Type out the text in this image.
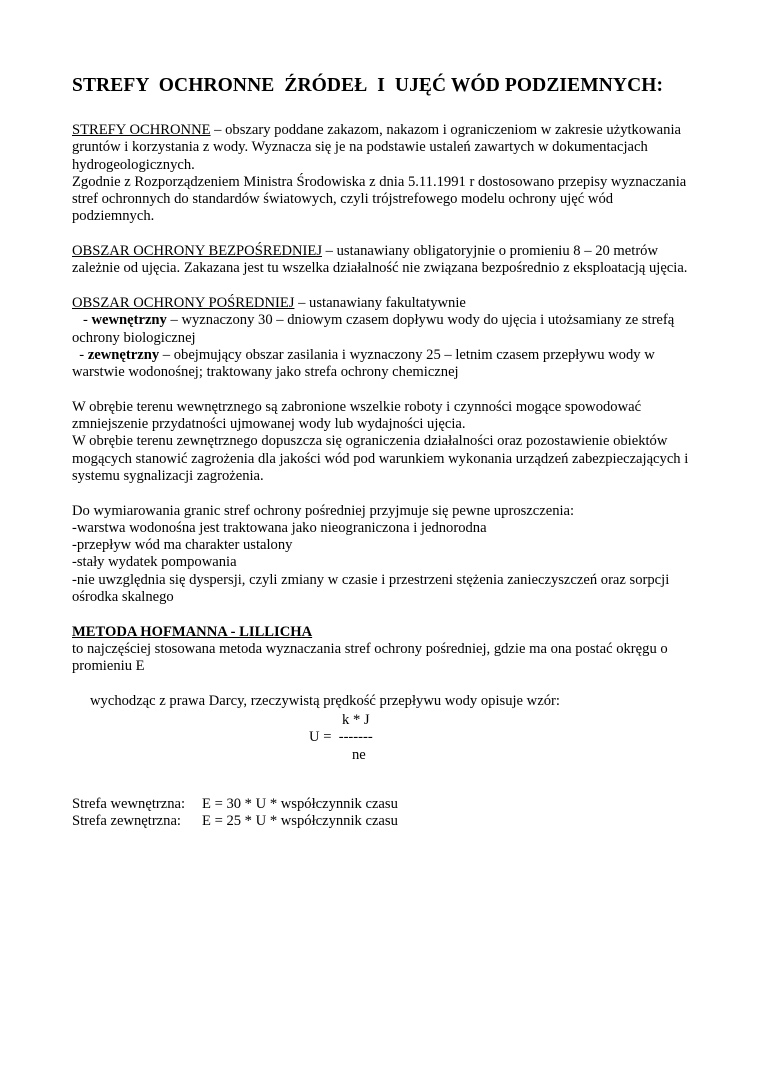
STREFY  OCHRONNE  ŹRÓDEŁ  I  UJĘĆ WÓD PODZIEMNYCH:

STREFY OCHRONNE – obszary poddane zakazom, nakazom i ograniczeniom w zakresie użytkowania gruntów i korzystania z wody. Wyznacza się je na podstawie ustaleń zawartych w dokumentacjach hydrogeologicznych.

Zgodnie z Rozporządzeniem Ministra Środowiska z dnia 5.11.1991 r dostosowano przepisy wyznaczania stref ochronnych do standardów światowych, czyli trójstrefowego modelu ochrony ujęć wód podziemnych.

OBSZAR OCHRONY BEZPOŚREDNIEJ – ustanawiany obligatoryjnie o promieniu 8 – 20 metrów zależnie od ujęcia. Zakazana jest tu wszelka działalność nie związana bezpośrednio z eksploatacją ujęcia.

OBSZAR OCHRONY POŚREDNIEJ – ustanawiany fakultatywnie

- wewnętrzny – wyznaczony 30 – dniowym czasem dopływu wody do ujęcia i utożsamiany ze strefą ochrony biologicznej

- zewnętrzny – obejmujący obszar zasilania i wyznaczony 25 – letnim czasem przepływu wody w warstwie wodonośnej; traktowany jako strefa ochrony chemicznej

W obrębie terenu wewnętrznego są zabronione wszelkie roboty i czynności mogące spowodować zmniejszenie przydatności ujmowanej wody lub wydajności ujęcia.

W obrębie terenu zewnętrznego dopuszcza się ograniczenia działalności oraz pozostawienie obiektów mogących stanowić zagrożenia dla jakości wód pod warunkiem wykonania urządzeń zabezpieczających i systemu sygnalizacji zagrożenia.

Do wymiarowania granic stref ochrony pośredniej przyjmuje się pewne uproszczenia:

-warstwa wodonośna jest traktowana jako nieograniczona i jednorodna

-przepływ wód ma charakter ustalony

-stały wydatek pompowania

-nie uwzględnia się dyspersji, czyli zmiany w czasie i przestrzeni stężenia zanieczyszczeń oraz sorpcji ośrodka skalnego

METODA HOFMANNA - LILLICHA

to najczęściej stosowana metoda wyznaczania stref ochrony pośredniej, gdzie ma ona postać okręgu o promieniu E

wychodząc z prawa Darcy, rzeczywistą prędkość przepływu wody opisuje wzór:
k * J
U =  -------
ne
Strefa wewnętrzna: E = 30 * U * współczynnik czasu
Strefa zewnętrzna: E = 25 * U * współczynnik czasu
